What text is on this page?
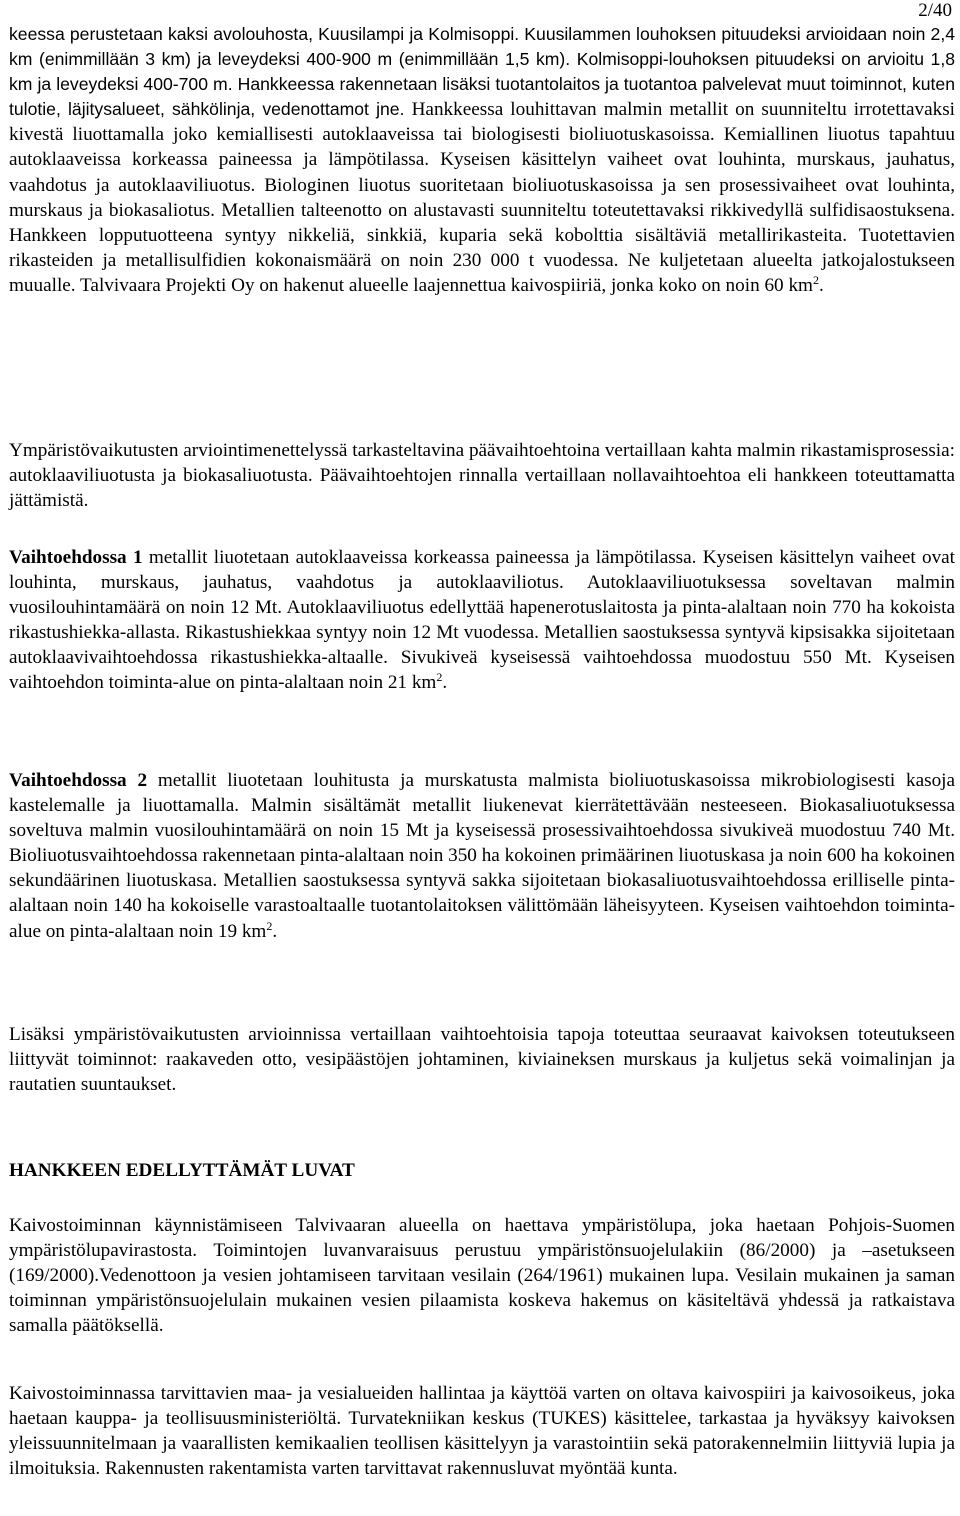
2/40

keessa perustetaan kaksi avolouhosta, Kuusilampi ja Kolmisoppi. Kuusilammen louhoksen pituudeksi arvioidaan noin 2,4 km (enimmillään 3 km) ja leveydeksi 400-900 m (enimmillään 1,5 km). Kolmisoppi-louhoksen pituudeksi on arvioitu 1,8 km ja leveydeksi 400-700 m. Hankkeessa rakennetaan lisäksi tuotantolaitos ja tuotantoa palvelevat muut toiminnot, kuten tulotie, läjitysalueet, sähkölinja, vedenottamot jne. Hankkeessa louhittavan malmin metallit on suunniteltu irrotettavaksi kivestä liuottamalla joko kemiallisesti autoklaaveissa tai biologisesti bioliuotuskasoissa. Kemiallinen liuotus tapahtuu autoklaaveissa korkeassa paineessa ja lämpötilassa. Kyseisen käsittelyn vaiheet ovat louhinta, murskaus, jauhatus, vaahdotus ja autoklaaviliuotus. Biologinen liuotus suoritetaan bioliuotuskasoissa ja sen prosessivaiheet ovat louhinta, murskaus ja biokasaliotus. Metallien talteenotto on alustavasti suunniteltu toteutettavaksi rikkivedyllä sulfidisaostuksena. Hankkeen lopputuotteena syntyy nikkeliä, sinkkiä, kuparia sekä kobolttia sisältäviä metallirikasteita. Tuotettavien rikasteiden ja metallisulfidien kokonaismäärä on noin 230 000 t vuodessa. Ne kuljetetaan alueelta jatkojalostukseen muualle. Talvivaara Projekti Oy on hakenut alueelle laajennettua kaivospiiriä, jonka koko on noin 60 $km^2$.

Ympäristövaikutusten arviointimenettelyssä tarkasteltavina päävaihtoehtoina vertaillaan kahta malmin rikastamisprosessia: autoklaaviliuotusta ja biokasaliuotusta. Päävaihtoehtojen rinnalla vertaillaan nollavaihtoehtoa eli hankkeen toteuttamatta jättämistä.

Vaihtoehdossa 1 metallit liuotetaan autoklaaveissa korkeassa paineessa ja lämpötilassa. Kyseisen käsittelyn vaiheet ovat louhinta, murskaus, jauhatus, vaahdotus ja autoklaaviliotus. Autoklaaviliuotuksessa soveltavan malmin vuosilouhintamäärä on noin 12 Mt. Autoklaaviliuotus edellyttää hapenerotuslaitosta ja pinta-alaltaan noin 770 ha kokoista rikastushiekka-allasta. Rikastushiekkaa syntyy noin 12 Mt vuodessa. Metallien saostuksessa syntyvä kipsisakka sijoitetaan autoklaavivaihtoehdossa rikastushiekka-altaalle. Sivukiveä kyseisessä vaihtoehdossa muodostuu 550 Mt. Kyseisen vaihtoehdon toiminta-alue on pinta-alaltaan noin 21 $km^2$.

Vaihtoehdossa 2 metallit liuotetaan louhitusta ja murskatusta malmista bioliuotuskasoissa mikrobiologisesti kasoja kastelemalle ja liuottamalla. Malmin sisältämät metallit liukenevat kierrätettävään nesteeseen. Biokasaliuotuksessa soveltuva malmin vuosilouhintamäärä on noin 15 Mt ja kyseisessä prosessivaihtoehdossa sivukiveä muodostuu 740 Mt. Bioliuotusvaihtoehdossa rakennetaan pinta-alaltaan noin 350 ha kokoinen primäärinen liuotuskasa ja noin 600 ha kokoinen sekundäärinen liuotuskasa. Metallien saostuksessa syntyvä sakka sijoitetaan biokasaliuotusvaihtoehdossa erilliselle pinta-alaltaan noin 140 ha kokoiselle varastoaltaalle tuotantolaitoksen välittömään läheisyyteen. Kyseisen vaihtoehdon toiminta-alue on pinta-alaltaan noin 19 $km^2$.

Lisäksi ympäristövaikutusten arvioinnissa vertaillaan vaihtoehtoisia tapoja toteuttaa seuraavat kaivoksen toteutukseen liittyvät toiminnot: raakaveden otto, vesipäästöjen johtaminen, kiviaineksen murskaus ja kuljetus sekä voimalinjan ja rautatien suuntaukset.

HANKKEEN EDELLYTTÄMÄT LUVAT

Kaivostoiminnan käynnistämiseen Talvivaaran alueella on haettava ympäristölupa, joka haetaan Pohjois-Suomen ympäristölupavirastosta. Toimintojen luvanvaraisuus perustuu ympäristönsuojelulakiin (86/2000) ja –asetukseen (169/2000).Vedenottoon ja vesien johtamiseen tarvitaan vesilain (264/1961) mukainen lupa. Vesilain mukainen ja saman toiminnan ympäristönsuojelulain mukainen vesien pilaamista koskeva hakemus on käsiteltävä yhdessä ja ratkaistava samalla päätöksellä.

Kaivostoiminnassa tarvittavien maa- ja vesialueiden hallintaa ja käyttöä varten on oltava kaivospiiri ja kaivosoikeus, joka haetaan kauppa- ja teollisuusministeriöltä. Turvatekniikan keskus (TUKES) käsittelee, tarkastaa ja hyväksyy kaivoksen yleissuunnitelmaan ja vaarallisten kemikaalien teollisen käsittelyyn ja varastointiin sekä patorakennelmiin liittyviä lupia ja ilmoituksia. Rakennusten rakentamista varten tarvittavat rakennusluvat myöntää kunta.
